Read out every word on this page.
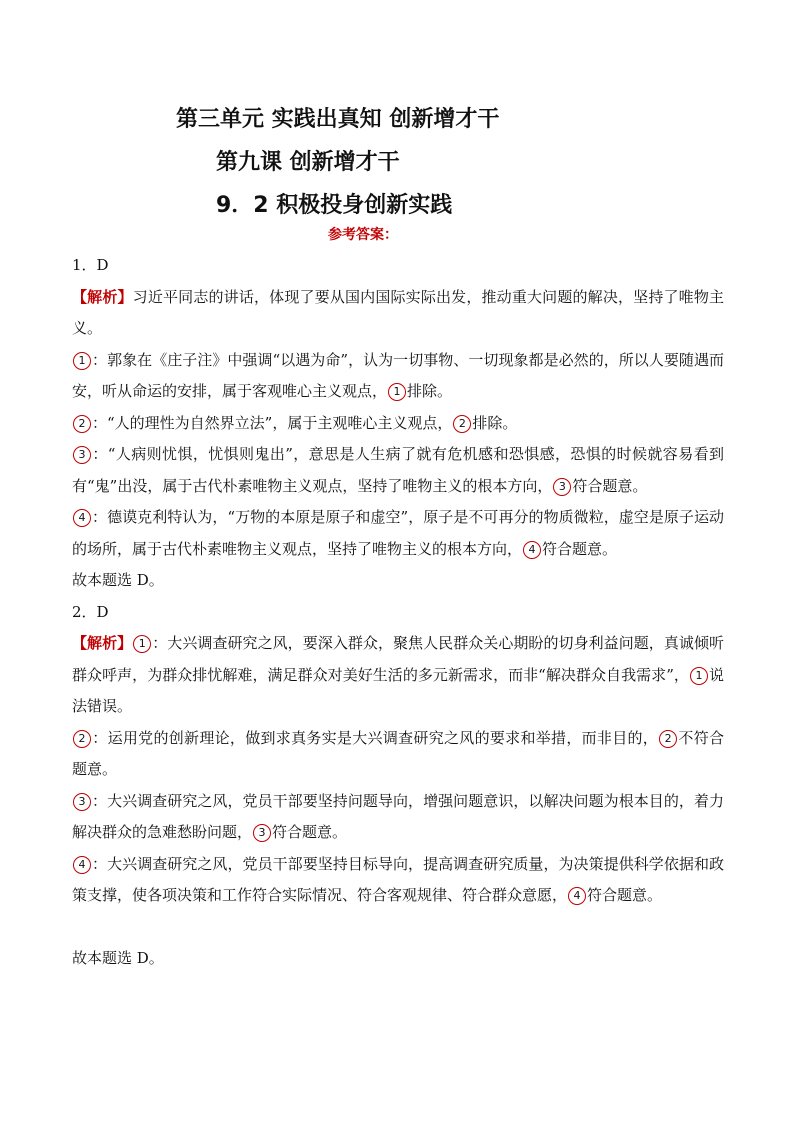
第三单元 实践出真知 创新增才干
第九课 创新增才干
9．2 积极投身创新实践
参考答案：

1．D

【解析】习近平同志的讲话，体现了要从国内国际实际出发，推动重大问题的解决，坚持了唯物主义。

1 ：郭象在《庄子注》中强调“以遇为命”，认为一切事物、一切现象都是必然的，所以人要随遇而安，听从命运的安排，属于客观唯心主义观点， 1 排除。

2 ：“人的理性为自然界立法”，属于主观唯心主义观点， 2 排除。

3 ：“人病则忧惧，忧惧则鬼出”，意思是人生病了就有危机感和恐惧感，恐惧的时候就容易看到有“鬼”出没，属于古代朴素唯物主义观点，坚持了唯物主义的根本方向， 3 符合题意。

4 ：德谟克利特认为，“万物的本原是原子和虚空”，原子是不可再分的物质微粒，虚空是原子运动的场所，属于古代朴素唯物主义观点，坚持了唯物主义的根本方向， 4 符合题意。

故本题选 D。

2．D

【解析】 1 ：大兴调查研究之风，要深入群众，聚焦人民群众关心期盼的切身利益问题，真诚倾听群众呼声，为群众排忧解难，满足群众对美好生活的多元新需求，而非“解决群众自我需求”， 1 说法错误。

2 ：运用党的创新理论，做到求真务实是大兴调查研究之风的要求和举措，而非目的， 2 不符合题意。

3 ：大兴调查研究之风，党员干部要坚持问题导向，增强问题意识，以解决问题为根本目的，着力解决群众的急难愁盼问题， 3 符合题意。

4 ：大兴调查研究之风，党员干部要坚持目标导向，提高调查研究质量，为决策提供科学依据和政策支撑，使各项决策和工作符合实际情况、符合客观规律、符合群众意愿， 4 符合题意。

故本题选 D。
